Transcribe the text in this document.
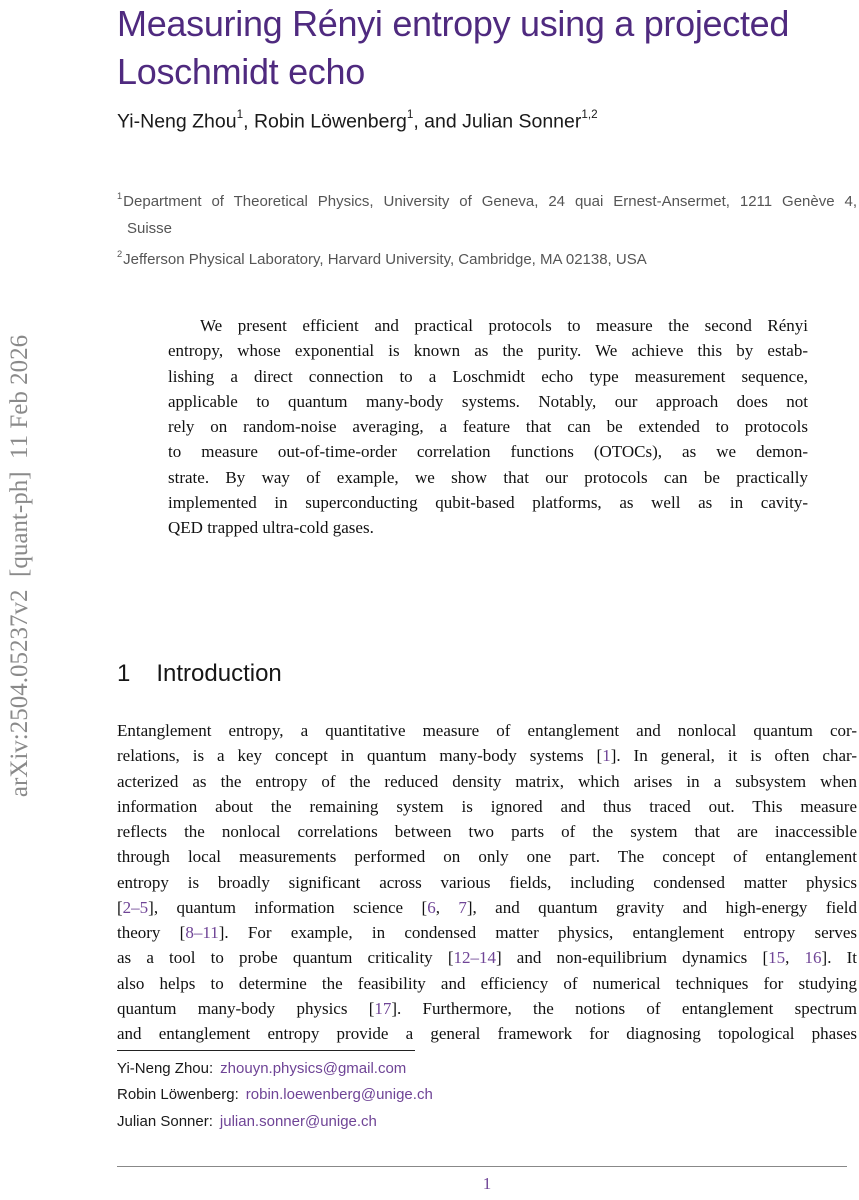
arXiv:2504.05237v2  [quant-ph]  11 Feb 2026
Measuring Rényi entropy using a projected
Loschmidt echo
Yi-Neng Zhou$^1$, Robin Löwenberg$^1$, and Julian Sonner$^{1,2}$
$^1$Department of Theoretical Physics, University of Geneva, 24 quai Ernest-Ansermet, 1211 Genève 4,
Suisse
$^2$Jefferson Physical Laboratory, Harvard University, Cambridge, MA 02138, USA
We present efficient and practical protocols to measure the second Rényi
entropy, whose exponential is known as the purity. We achieve this by estab-
lishing a direct connection to a Loschmidt echo type measurement sequence,
applicable to quantum many-body systems. Notably, our approach does not
rely on random-noise averaging, a feature that can be extended to protocols
to measure out-of-time-order correlation functions (OTOCs), as we demon-
strate. By way of example, we show that our protocols can be practically
implemented in superconducting qubit-based platforms, as well as in cavity-
QED trapped ultra-cold gases.
1 Introduction
Entanglement entropy, a quantitative measure of entanglement and nonlocal quantum cor-
relations, is a key concept in quantum many-body systems [1]. In general, it is often char-
acterized as the entropy of the reduced density matrix, which arises in a subsystem when
information about the remaining system is ignored and thus traced out. This measure
reflects the nonlocal correlations between two parts of the system that are inaccessible
through local measurements performed on only one part. The concept of entanglement
entropy is broadly significant across various fields, including condensed matter physics
[2–5], quantum information science [6, 7], and quantum gravity and high-energy field
theory [8–11]. For example, in condensed matter physics, entanglement entropy serves
as a tool to probe quantum criticality [12–14] and non-equilibrium dynamics [15, 16]. It
also helps to determine the feasibility and efficiency of numerical techniques for studying
quantum many-body physics [17]. Furthermore, the notions of entanglement spectrum
and entanglement entropy provide a general framework for diagnosing topological phases
Yi-Neng Zhou: zhouyn.physics@gmail.com
Robin Löwenberg: robin.loewenberg@unige.ch
Julian Sonner: julian.sonner@unige.ch
1
